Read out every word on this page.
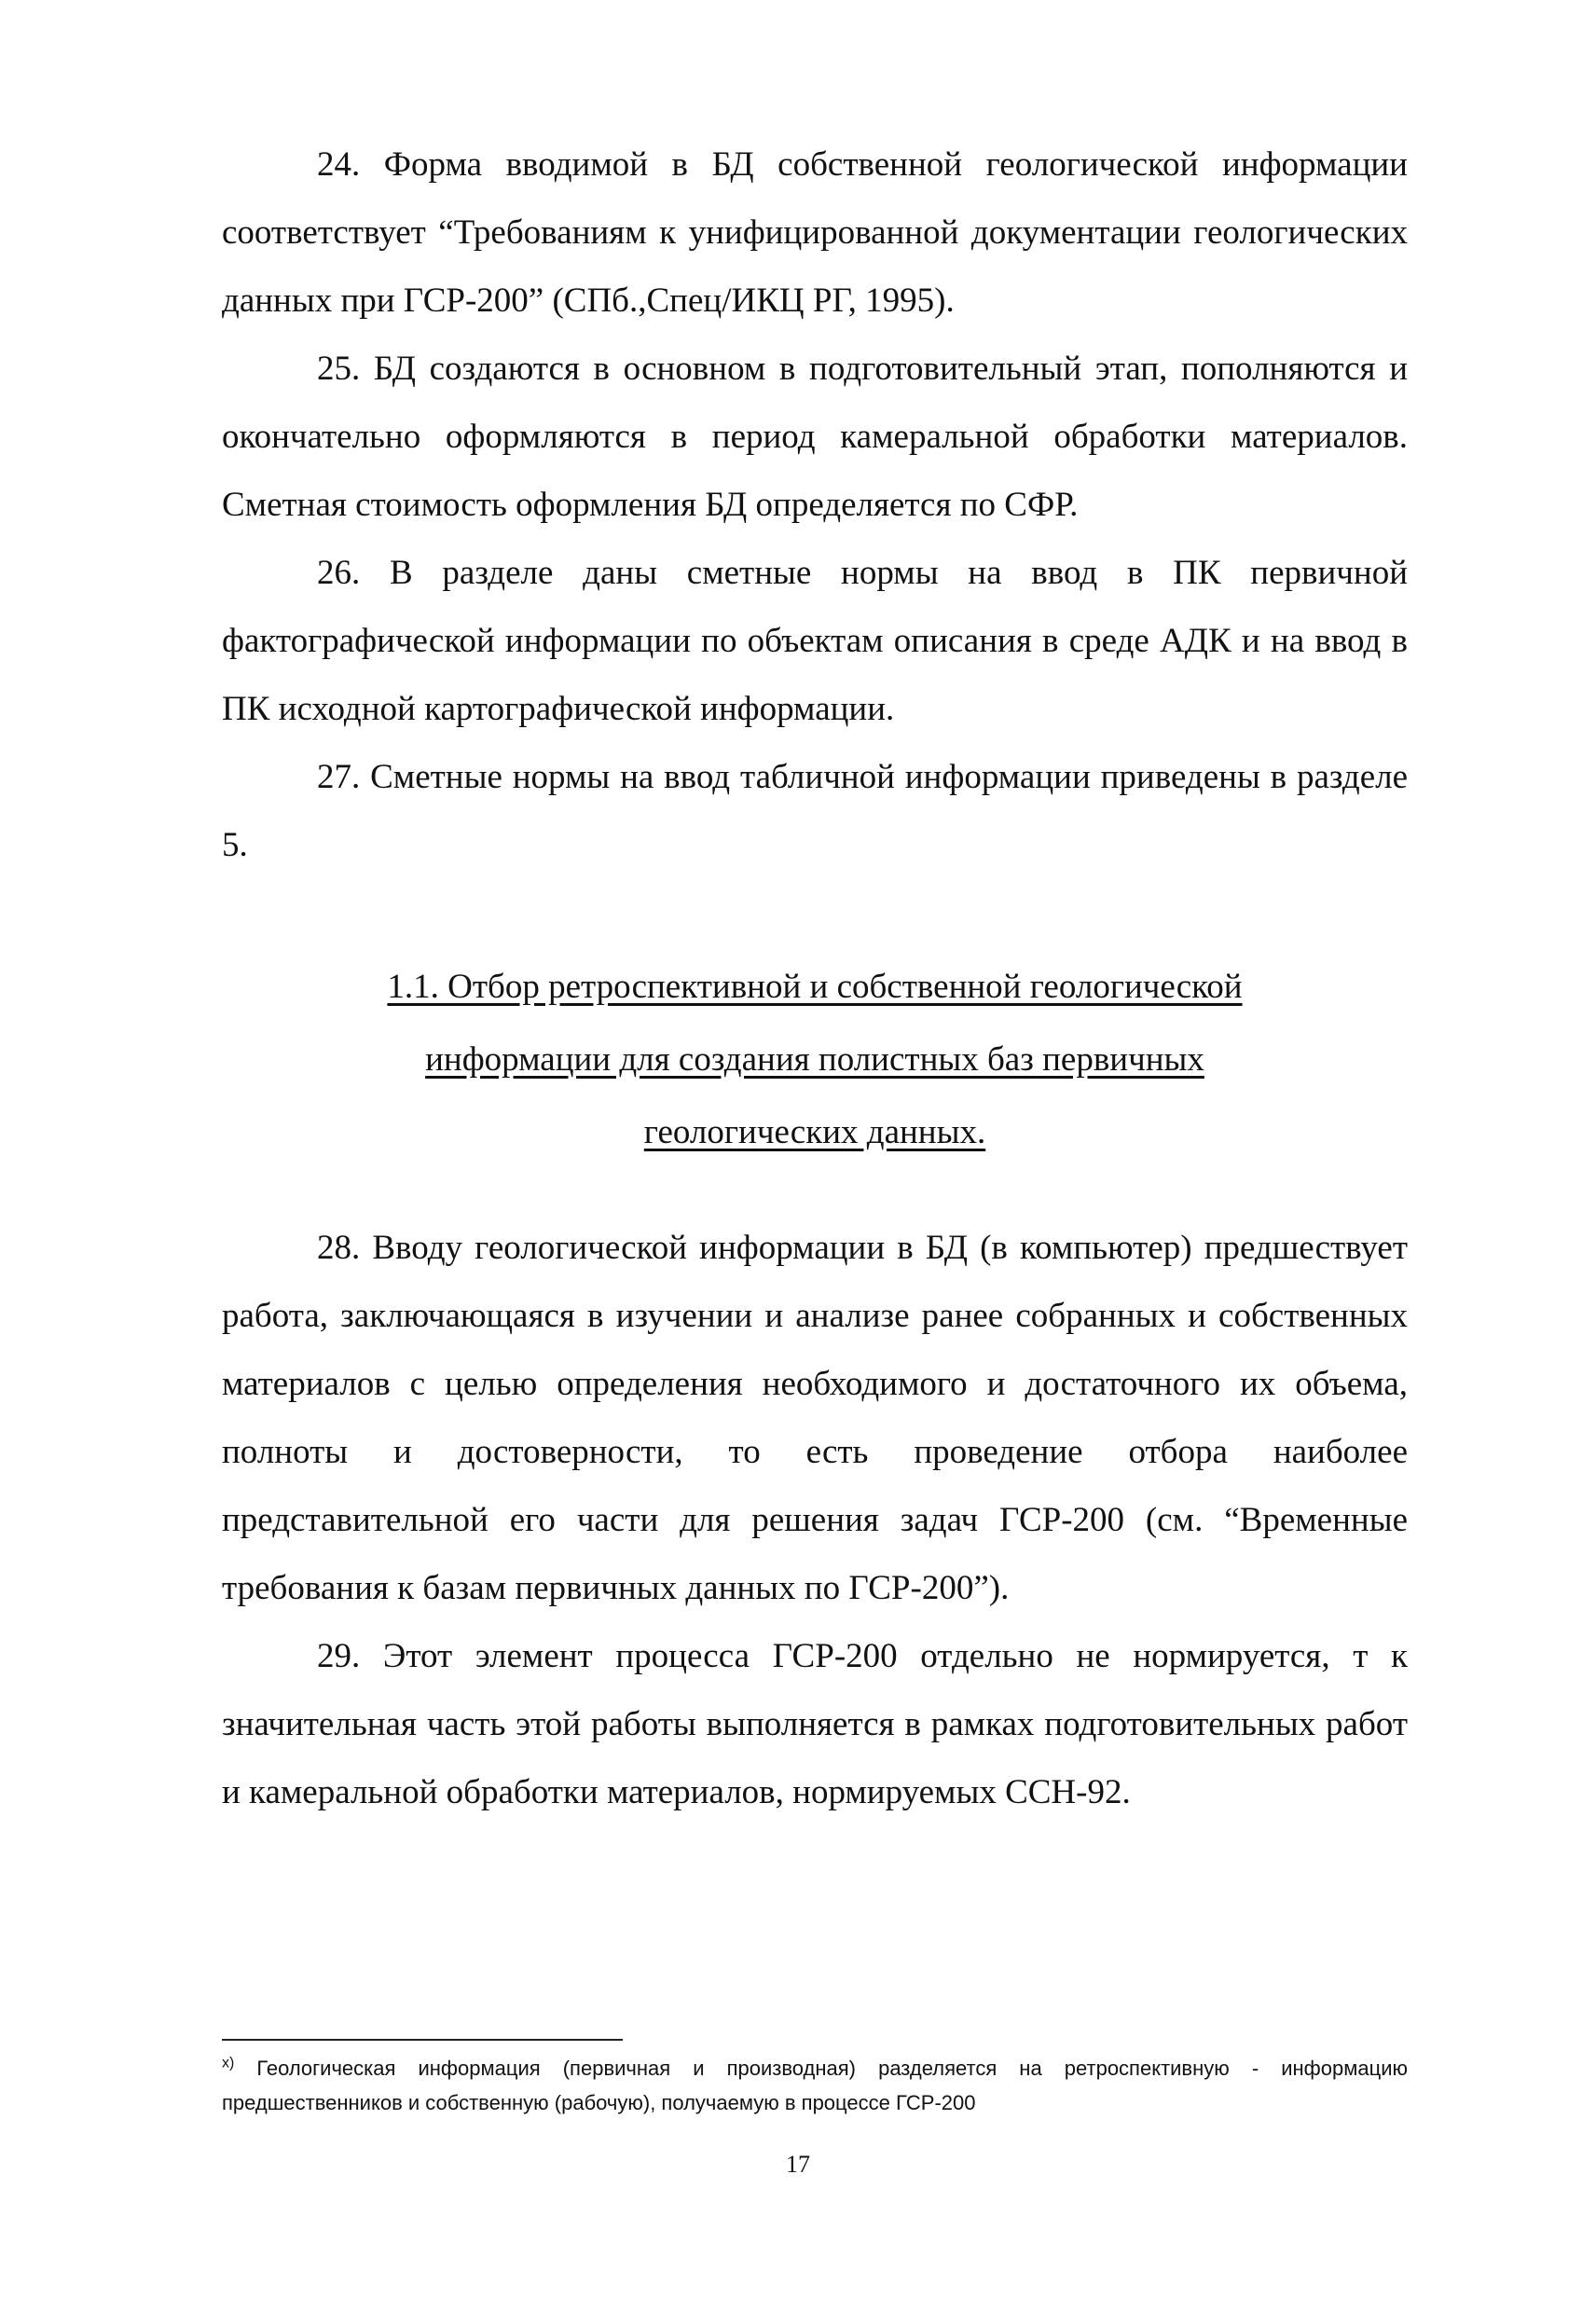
24. Форма вводимой в БД собственной геологической информации соответствует “Требованиям к унифицированной документации геологических данных при ГСР-200” (СПб.,Спец/ИКЦ РГ, 1995).

25. БД создаются в основном в подготовительный этап, пополняются и окончательно оформляются в период камеральной обработки материалов. Сметная стоимость оформления БД определяется по СФР.

26. В разделе даны сметные нормы на ввод в ПК первичной фактографической информации по объектам описания в среде АДК и на ввод в ПК исходной картографической информации.

27. Сметные нормы на ввод табличной информации приведены в разделе 5.

1.1. Отбор ретроспективной и собственной геологической
информации для создания полистных баз первичных
геологических данных.

28. Вводу геологической информации в БД (в компьютер) предшествует работа, заключающаяся в изучении и анализе ранее собранных и собственных материалов с целью определения необходимого и достаточного их объема, полноты и достоверности, то есть проведение отбора наиболее представительной его части для решения задач ГСР-200 (см. “Временные требования к базам первичных данных по ГСР-200”).

29. Этот элемент процесса ГСР-200 отдельно не нормируется, т к значительная часть этой работы выполняется в рамках подготовительных работ и камеральной обработки материалов, нормируемых ССН-92.

$^{х)}$ Геологическая информация (первичная и производная) разделяется на ретроспективную - информацию предшественников и собственную (рабочую), получаемую в процессе ГСР-200
17
